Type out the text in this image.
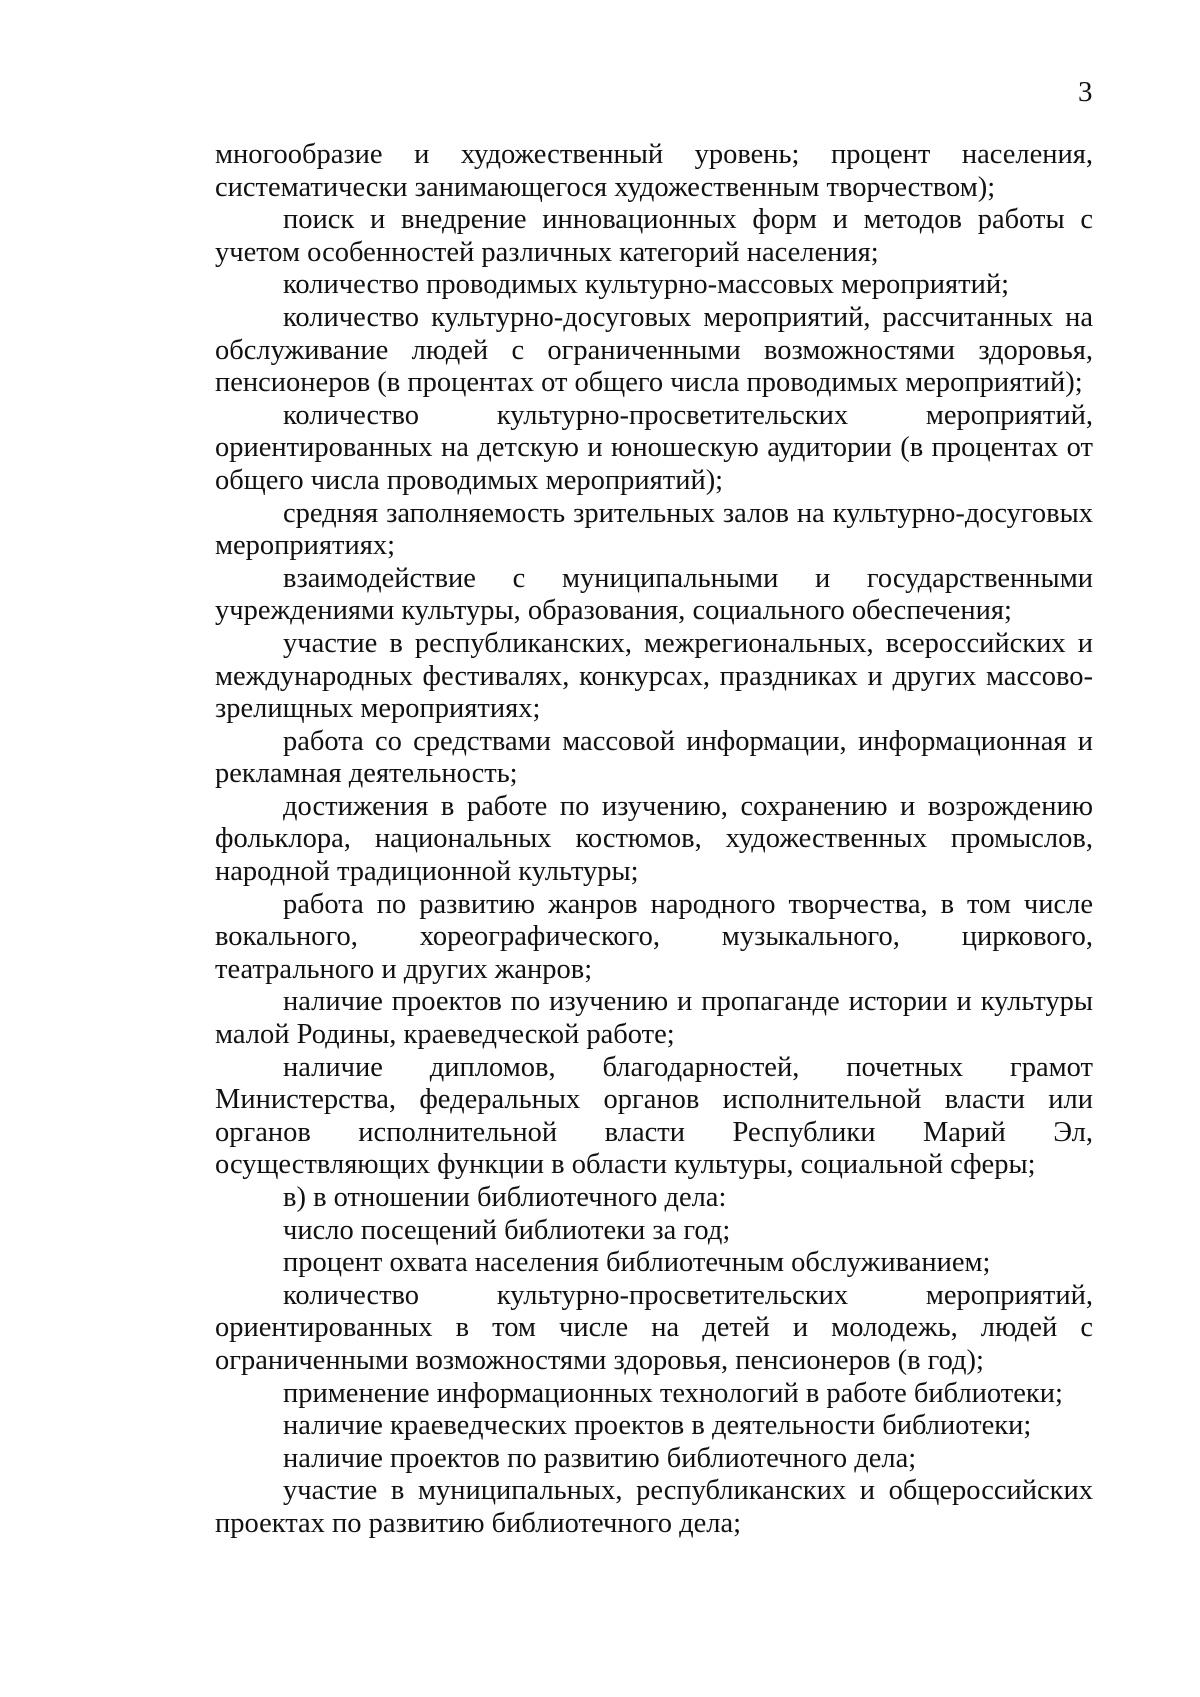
3

многообразие и художественный уровень; процент населения, систематически занимающегося художественным творчеством);

поиск и внедрение инновационных форм и методов работы с учетом особенностей различных категорий населения;

количество проводимых культурно-массовых мероприятий;

количество культурно-досуговых мероприятий, рассчитанных на обслуживание людей с ограниченными возможностями здоровья, пенсионеров (в процентах от общего числа проводимых мероприятий);

количество культурно-просветительских мероприятий, ориентированных на детскую и юношескую аудитории (в процентах от общего числа проводимых мероприятий);

средняя заполняемость зрительных залов на культурно-досуговых мероприятиях;

взаимодействие с муниципальными и государственными учреждениями культуры, образования, социального обеспечения;

участие в республиканских, межрегиональных, всероссийских и международных фестивалях, конкурсах, праздниках и других массово-зрелищных мероприятиях;

работа со средствами массовой информации, информационная и рекламная деятельность;

достижения в работе по изучению, сохранению и возрождению фольклора, национальных костюмов, художественных промыслов, народной традиционной культуры;

работа по развитию жанров народного творчества, в том числе вокального, хореографического, музыкального, циркового, театрального и других жанров;

наличие проектов по изучению и пропаганде истории и культуры малой Родины, краеведческой работе;

наличие дипломов, благодарностей, почетных грамот Министерства, федеральных органов исполнительной власти или органов исполнительной власти Республики Марий Эл, осуществляющих функции в области культуры, социальной сферы;

в) в отношении библиотечного дела:

число посещений библиотеки за год;

процент охвата населения библиотечным обслуживанием;

количество культурно-просветительских мероприятий, ориентированных в том числе на детей и молодежь, людей с ограниченными возможностями здоровья, пенсионеров (в год);

применение информационных технологий в работе библиотеки;

наличие краеведческих проектов в деятельности библиотеки;

наличие проектов по развитию библиотечного дела;

участие в муниципальных, республиканских и общероссийских проектах по развитию библиотечного дела;
